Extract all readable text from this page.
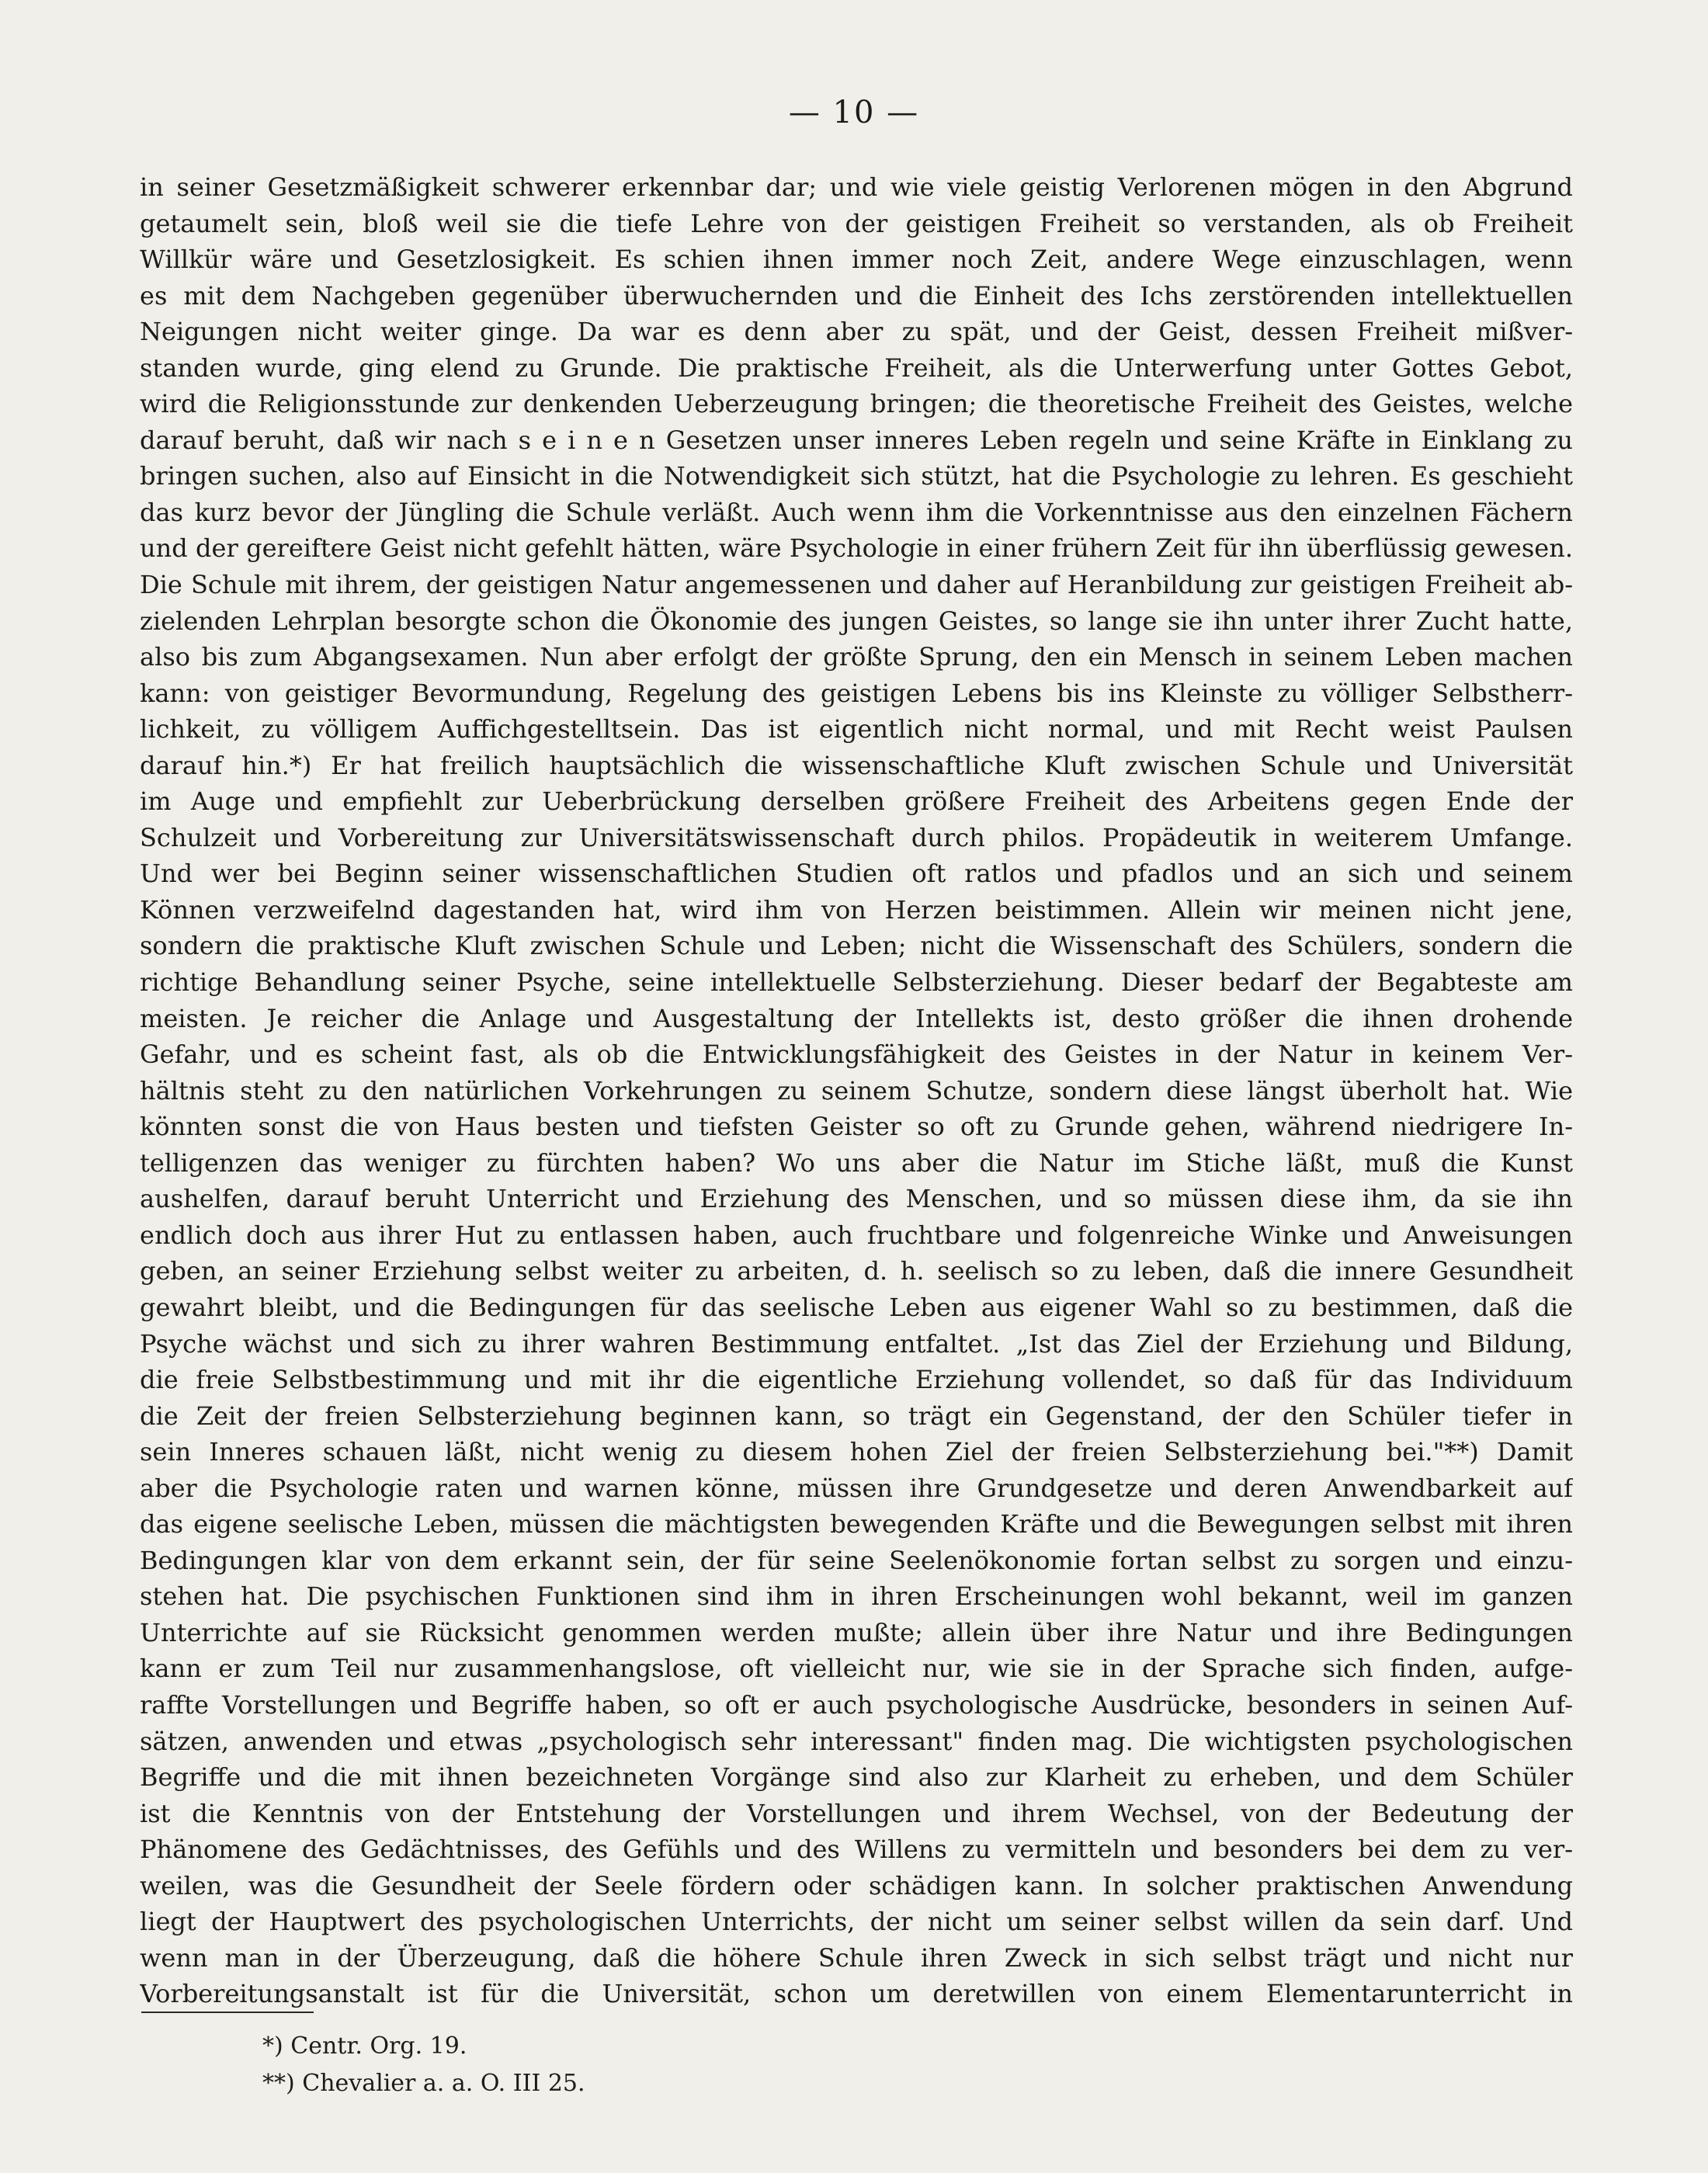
— 10 —
in seiner Gesetzmäßigkeit schwerer erkennbar dar; und wie viele geistig Verlorenen mögen in den Abgrund
getaumelt sein, bloß weil sie die tiefe Lehre von der geistigen Freiheit so verstanden, als ob Freiheit
Willkür wäre und Gesetzlosigkeit. Es schien ihnen immer noch Zeit, andere Wege einzuschlagen, wenn
es mit dem Nachgeben gegenüber überwuchernden und die Einheit des Ichs zerstörenden intellektuellen
Neigungen nicht weiter ginge. Da war es denn aber zu spät, und der Geist, dessen Freiheit mißver-
standen wurde, ging elend zu Grunde. Die praktische Freiheit, als die Unterwerfung unter Gottes Gebot,
wird die Religionsstunde zur denkenden Ueberzeugung bringen; die theoretische Freiheit des Geistes, welche
darauf beruht, daß wir nach s e i n e n Gesetzen unser inneres Leben regeln und seine Kräfte in Einklang zu
bringen suchen, also auf Einsicht in die Notwendigkeit sich stützt, hat die Psychologie zu lehren. Es geschieht
das kurz bevor der Jüngling die Schule verläßt. Auch wenn ihm die Vorkenntnisse aus den einzelnen Fächern
und der gereiftere Geist nicht gefehlt hätten, wäre Psychologie in einer frühern Zeit für ihn überflüssig gewesen.
Die Schule mit ihrem, der geistigen Natur angemessenen und daher auf Heranbildung zur geistigen Freiheit ab-
zielenden Lehrplan besorgte schon die Ökonomie des jungen Geistes, so lange sie ihn unter ihrer Zucht hatte,
also bis zum Abgangsexamen. Nun aber erfolgt der größte Sprung, den ein Mensch in seinem Leben machen
kann: von geistiger Bevormundung, Regelung des geistigen Lebens bis ins Kleinste zu völliger Selbstherr-
lichkeit, zu völligem Auffichgestelltsein. Das ist eigentlich nicht normal, und mit Recht weist Paulsen
darauf hin.*) Er hat freilich hauptsächlich die wissenschaftliche Kluft zwischen Schule und Universität
im Auge und empfiehlt zur Ueberbrückung derselben größere Freiheit des Arbeitens gegen Ende der
Schulzeit und Vorbereitung zur Universitätswissenschaft durch philos. Propädeutik in weiterem Umfange.
Und wer bei Beginn seiner wissenschaftlichen Studien oft ratlos und pfadlos und an sich und seinem
Können verzweifelnd dagestanden hat, wird ihm von Herzen beistimmen. Allein wir meinen nicht jene,
sondern die praktische Kluft zwischen Schule und Leben; nicht die Wissenschaft des Schülers, sondern die
richtige Behandlung seiner Psyche, seine intellektuelle Selbsterziehung. Dieser bedarf der Begabteste am
meisten. Je reicher die Anlage und Ausgestaltung der Intellekts ist, desto größer die ihnen drohende
Gefahr, und es scheint fast, als ob die Entwicklungsfähigkeit des Geistes in der Natur in keinem Ver-
hältnis steht zu den natürlichen Vorkehrungen zu seinem Schutze, sondern diese längst überholt hat. Wie
könnten sonst die von Haus besten und tiefsten Geister so oft zu Grunde gehen, während niedrigere In-
telligenzen das weniger zu fürchten haben? Wo uns aber die Natur im Stiche läßt, muß die Kunst
aushelfen, darauf beruht Unterricht und Erziehung des Menschen, und so müssen diese ihm, da sie ihn
endlich doch aus ihrer Hut zu entlassen haben, auch fruchtbare und folgenreiche Winke und Anweisungen
geben, an seiner Erziehung selbst weiter zu arbeiten, d. h. seelisch so zu leben, daß die innere Gesundheit
gewahrt bleibt, und die Bedingungen für das seelische Leben aus eigener Wahl so zu bestimmen, daß die
Psyche wächst und sich zu ihrer wahren Bestimmung entfaltet. „Ist das Ziel der Erziehung und Bildung,
die freie Selbstbestimmung und mit ihr die eigentliche Erziehung vollendet, so daß für das Individuum
die Zeit der freien Selbsterziehung beginnen kann, so trägt ein Gegenstand, der den Schüler tiefer in
sein Inneres schauen läßt, nicht wenig zu diesem hohen Ziel der freien Selbsterziehung bei."**) Damit
aber die Psychologie raten und warnen könne, müssen ihre Grundgesetze und deren Anwendbarkeit auf
das eigene seelische Leben, müssen die mächtigsten bewegenden Kräfte und die Bewegungen selbst mit ihren
Bedingungen klar von dem erkannt sein, der für seine Seelenökonomie fortan selbst zu sorgen und einzu-
stehen hat. Die psychischen Funktionen sind ihm in ihren Erscheinungen wohl bekannt, weil im ganzen
Unterrichte auf sie Rücksicht genommen werden mußte; allein über ihre Natur und ihre Bedingungen
kann er zum Teil nur zusammenhangslose, oft vielleicht nur, wie sie in der Sprache sich finden, aufge-
raffte Vorstellungen und Begriffe haben, so oft er auch psychologische Ausdrücke, besonders in seinen Auf-
sätzen, anwenden und etwas „psychologisch sehr interessant" finden mag. Die wichtigsten psychologischen
Begriffe und die mit ihnen bezeichneten Vorgänge sind also zur Klarheit zu erheben, und dem Schüler
ist die Kenntnis von der Entstehung der Vorstellungen und ihrem Wechsel, von der Bedeutung der
Phänomene des Gedächtnisses, des Gefühls und des Willens zu vermitteln und besonders bei dem zu ver-
weilen, was die Gesundheit der Seele fördern oder schädigen kann. In solcher praktischen Anwendung
liegt der Hauptwert des psychologischen Unterrichts, der nicht um seiner selbst willen da sein darf. Und
wenn man in der Überzeugung, daß die höhere Schule ihren Zweck in sich selbst trägt und nicht nur
Vorbereitungsanstalt ist für die Universität, schon um deretwillen von einem Elementarunterricht in
*) Centr. Org. 19.
**) Chevalier a. a. O. III 25.
